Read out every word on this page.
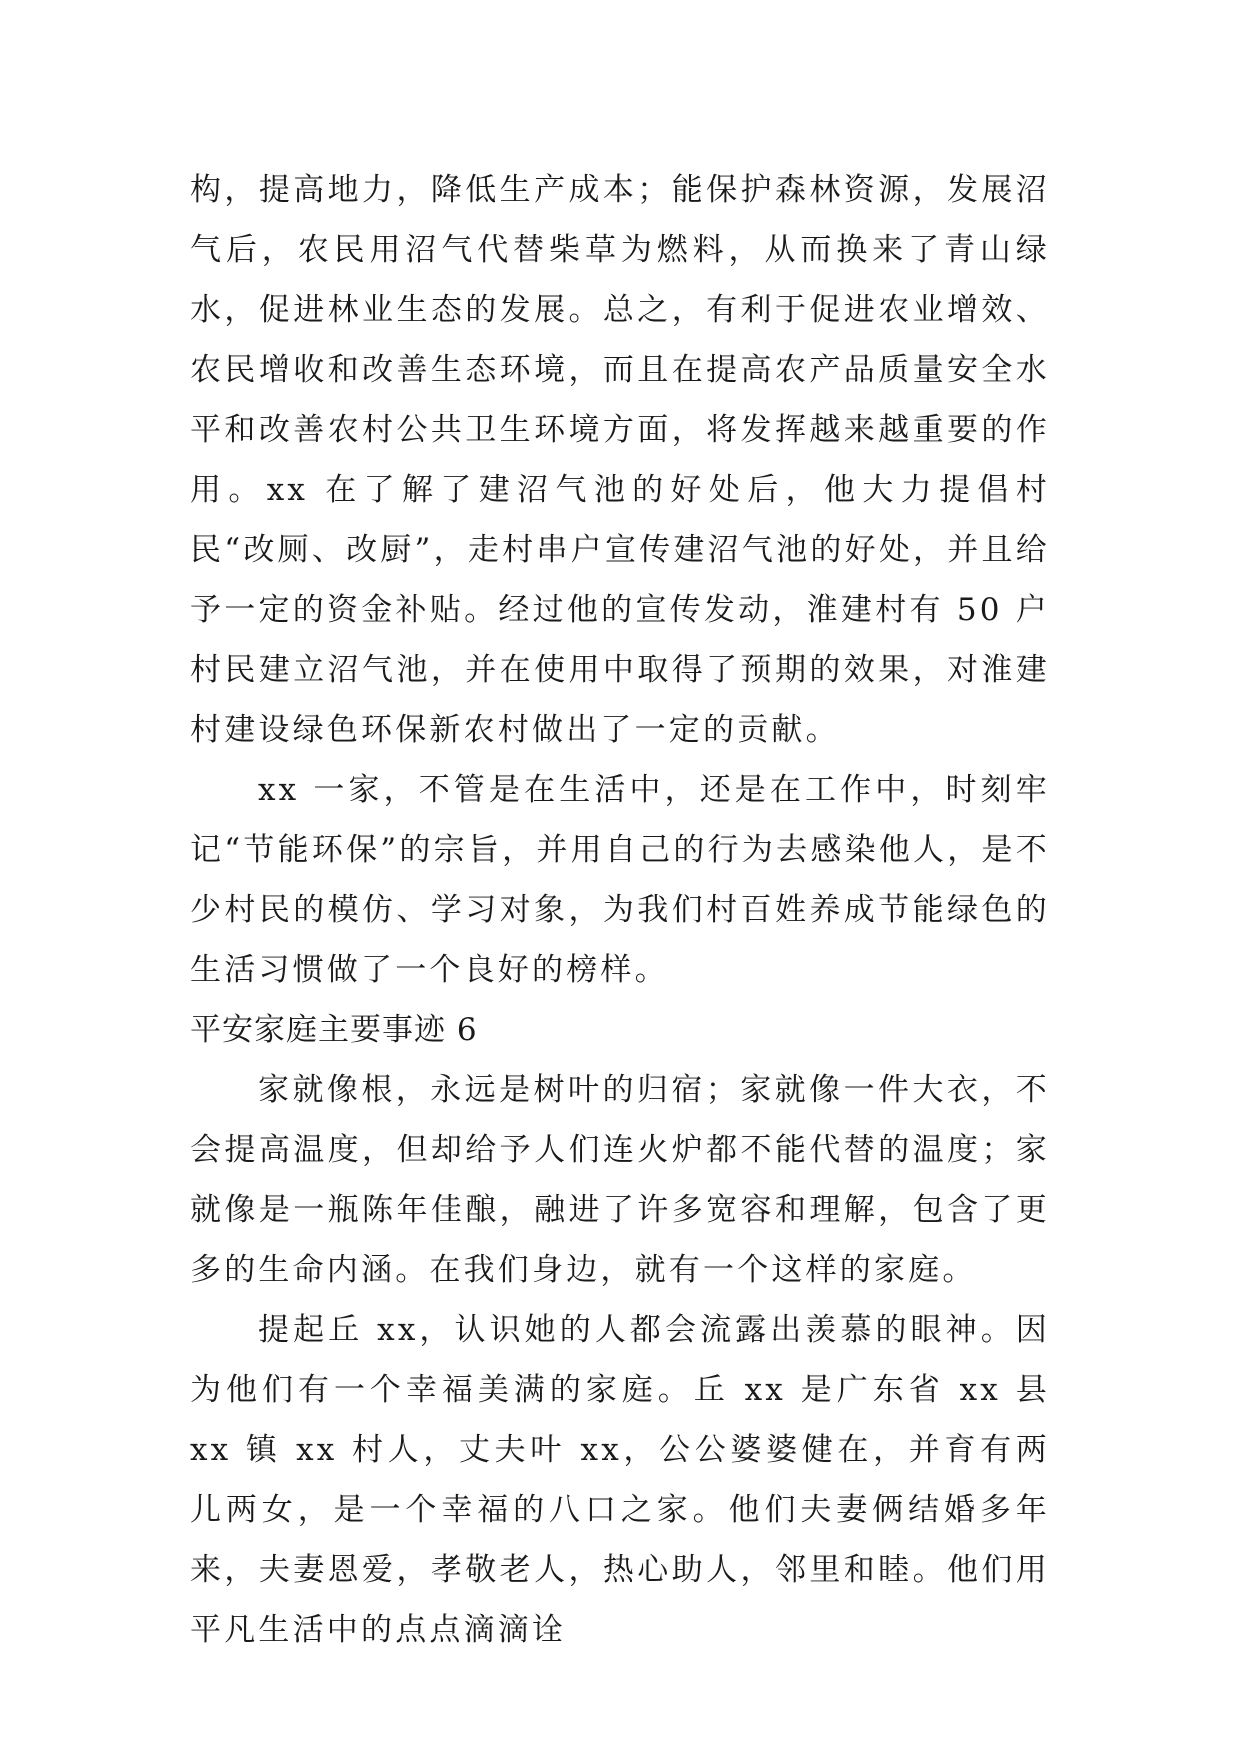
构，提高地力，降低生产成本；能保护森林资源，发展沼气后，农民用沼气代替柴草为燃料，从而换来了青山绿水，促进林业生态的发展。总之，有利于促进农业增效、农民增收和改善生态环境，而且在提高农产品质量安全水平和改善农村公共卫生环境方面，将发挥越来越重要的作用。xx 在了解了建沼气池的好处后，他大力提倡村民“改厕、改厨”，走村串户宣传建沼气池的好处，并且给予一定的资金补贴。经过他的宣传发动，淮建村有 50 户村民建立沼气池，并在使用中取得了预期的效果，对淮建村建设绿色环保新农村做出了一定的贡献。

xx 一家，不管是在生活中，还是在工作中，时刻牢记“节能环保”的宗旨，并用自己的行为去感染他人，是不少村民的模仿、学习对象，为我们村百姓养成节能绿色的生活习惯做了一个良好的榜样。

平安家庭主要事迹 6

家就像根，永远是树叶的归宿；家就像一件大衣，不会提高温度，但却给予人们连火炉都不能代替的温度；家就像是一瓶陈年佳酿，融进了许多宽容和理解，包含了更多的生命内涵。在我们身边，就有一个这样的家庭。

提起丘 xx，认识她的人都会流露出羡慕的眼神。因为他们有一个幸福美满的家庭。丘 xx 是广东省 xx 县 xx 镇 xx 村人，丈夫叶 xx，公公婆婆健在，并育有两儿两女，是一个幸福的八口之家。他们夫妻俩结婚多年来，夫妻恩爱，孝敬老人，热心助人，邻里和睦。他们用平凡生活中的点点滴滴诠
